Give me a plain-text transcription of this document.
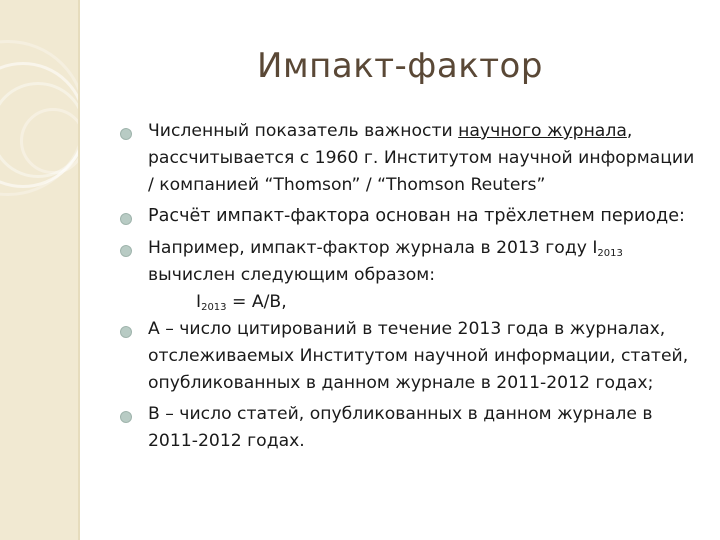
Импакт-фактор
Численный показатель важности научного журнала, рассчитывается с 1960 г. Институтом научной информации / компанией “Thomson” / “Thomson Reuters”
Расчёт импакт-фактора основан на трёхлетнем периоде:
Например, импакт-фактор журнала в 2013 году $I_{2013}$ вычислен следующим образом:
$I_{2013} = A/B$,
A – число цитирований в течение 2013 года в журналах, отслеживаемых Институтом научной информации, статей, опубликованных в данном журнале в 2011-2012 годах;
B – число статей, опубликованных в данном журнале в 2011-2012 годах.
